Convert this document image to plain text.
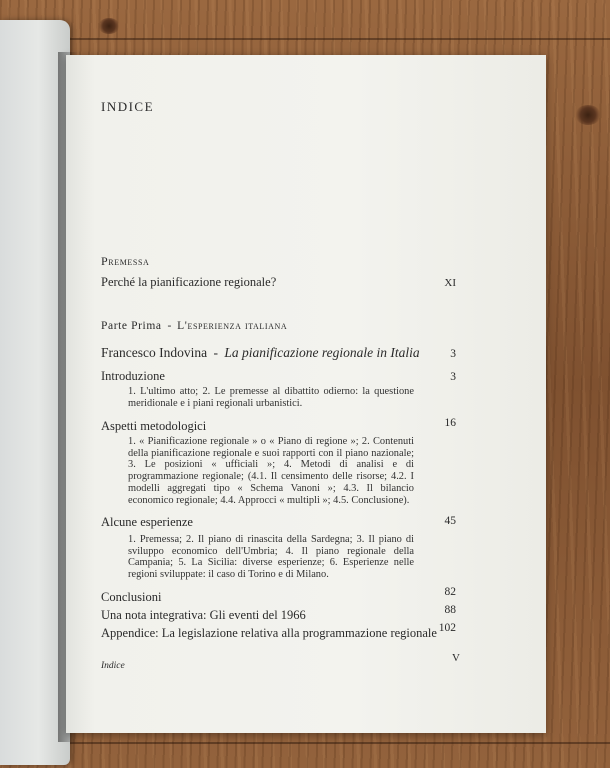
INDICE
Premessa
Perché la pianificazione regionale?	XI
Parte Prima - L'esperienza italiana
Francesco Indovina - La pianificazione regionale in Italia	3
Introduzione	3
1. L'ultimo atto; 2. Le premesse al dibattito odierno: la questione meridionale e i piani regionali urbanistici.
Aspetti metodologici	16
1. « Pianificazione regionale » o « Piano di regione »; 2. Contenuti della pianificazione regionale e suoi rapporti con il piano nazionale; 3. Le posizioni « ufficiali »; 4. Metodi di analisi e di programmazione regionale; (4.1. Il censimento delle risorse; 4.2. I modelli aggregati tipo « Schema Vanoni »; 4.3. Il bilancio economico regionale; 4.4. Approcci « multipli »; 4.5. Conclusione).
Alcune esperienze	45
1. Premessa; 2. Il piano di rinascita della Sardegna; 3. Il piano di sviluppo economico dell'Umbria; 4. Il piano regionale della Campania; 5. La Sicilia: diverse esperienze; 6. Esperienze nelle regioni sviluppate: il caso di Torino e di Milano.
Conclusioni	82
Una nota integrativa: Gli eventi del 1966	88
Appendice: La legislazione relativa alla programmazione regionale 102
Indice
V
